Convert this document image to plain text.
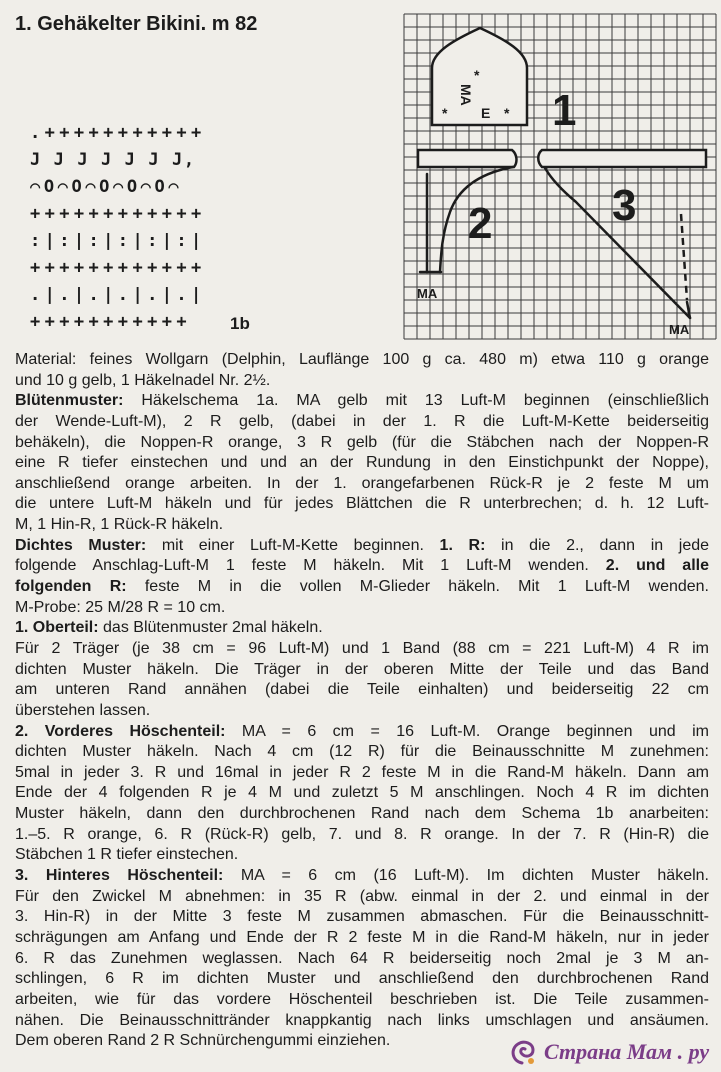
1. Gehäkelter Bikini. m 82
.+++++++++++
J J J J J J J,
⌒O⌒O⌒O⌒O⌒O⌒
++++++++++++
:|:|:|:|:|:|
++++++++++++
.|.|.|.|.|.|
+++++++++++	1b
MA
*
* E * 1
MA
2
MA
3
Material: feines Wollgarn (Delphin, Lauflänge 100 g ca. 480 m) etwa 110 g orange
und 10 g gelb, 1 Häkelnadel Nr. 2½.
Blütenmuster: Häkelschema 1a. MA gelb mit 13 Luft-M beginnen (einschließlich
der Wende-Luft-M), 2 R gelb, (dabei in der 1. R die Luft-M-Kette beiderseitig
behäkeln), die Noppen-R orange, 3 R gelb (für die Stäbchen nach der Noppen-R
eine R tiefer einstechen und und an der Rundung in den Einstichpunkt der Noppe),
anschließend orange arbeiten. In der 1. orangefarbenen Rück-R je 2 feste M um
die untere Luft-M häkeln und für jedes Blättchen die R unterbrechen; d. h. 12 Luft-
M, 1 Hin-R, 1 Rück-R häkeln.
Dichtes Muster: mit einer Luft-M-Kette beginnen. 1. R: in die 2., dann in jede
folgende Anschlag-Luft-M 1 feste M häkeln. Mit 1 Luft-M wenden. 2. und alle
folgenden R: feste M in die vollen M-Glieder häkeln. Mit 1 Luft-M wenden.
M-Probe: 25 M/28 R = 10 cm.
1. Oberteil: das Blütenmuster 2mal häkeln.
Für 2 Träger (je 38 cm = 96 Luft-M) und 1 Band (88 cm = 221 Luft-M) 4 R im
dichten Muster häkeln. Die Träger in der oberen Mitte der Teile und das Band
am unteren Rand annähen (dabei die Teile einhalten) und beiderseitig 22 cm
überstehen lassen.
2. Vorderes Höschenteil: MA = 6 cm = 16 Luft-M. Orange beginnen und im
dichten Muster häkeln. Nach 4 cm (12 R) für die Beinausschnitte M zunehmen:
5mal in jeder 3. R und 16mal in jeder R 2 feste M in die Rand-M häkeln. Dann am
Ende der 4 folgenden R je 4 M und zuletzt 5 M anschlingen. Noch 4 R im dichten
Muster häkeln, dann den durchbrochenen Rand nach dem Schema 1b anarbeiten:
1.–5. R orange, 6. R (Rück-R) gelb, 7. und 8. R orange. In der 7. R (Hin-R) die
Stäbchen 1 R tiefer einstechen.
3. Hinteres Höschenteil: MA = 6 cm (16 Luft-M). Im dichten Muster häkeln.
Für den Zwickel M abnehmen: in 35 R (abw. einmal in der 2. und einmal in der
3. Hin-R) in der Mitte 3 feste M zusammen abmaschen. Für die Beinausschnitt-
schrägungen am Anfang und Ende der R 2 feste M in die Rand-M häkeln, nur in jeder
6. R das Zunehmen weglassen. Nach 64 R beiderseitig noch 2mal je 3 M an-
schlingen, 6 R im dichten Muster und anschließend den durchbrochenen Rand
arbeiten, wie für das vordere Höschenteil beschrieben ist. Die Teile zusammen-
nähen. Die Beinausschnittränder knappkantig nach links umschlagen und ansäumen.
Dem oberen Rand 2 R Schnürchengummi einziehen.	Страна Мам . ру
